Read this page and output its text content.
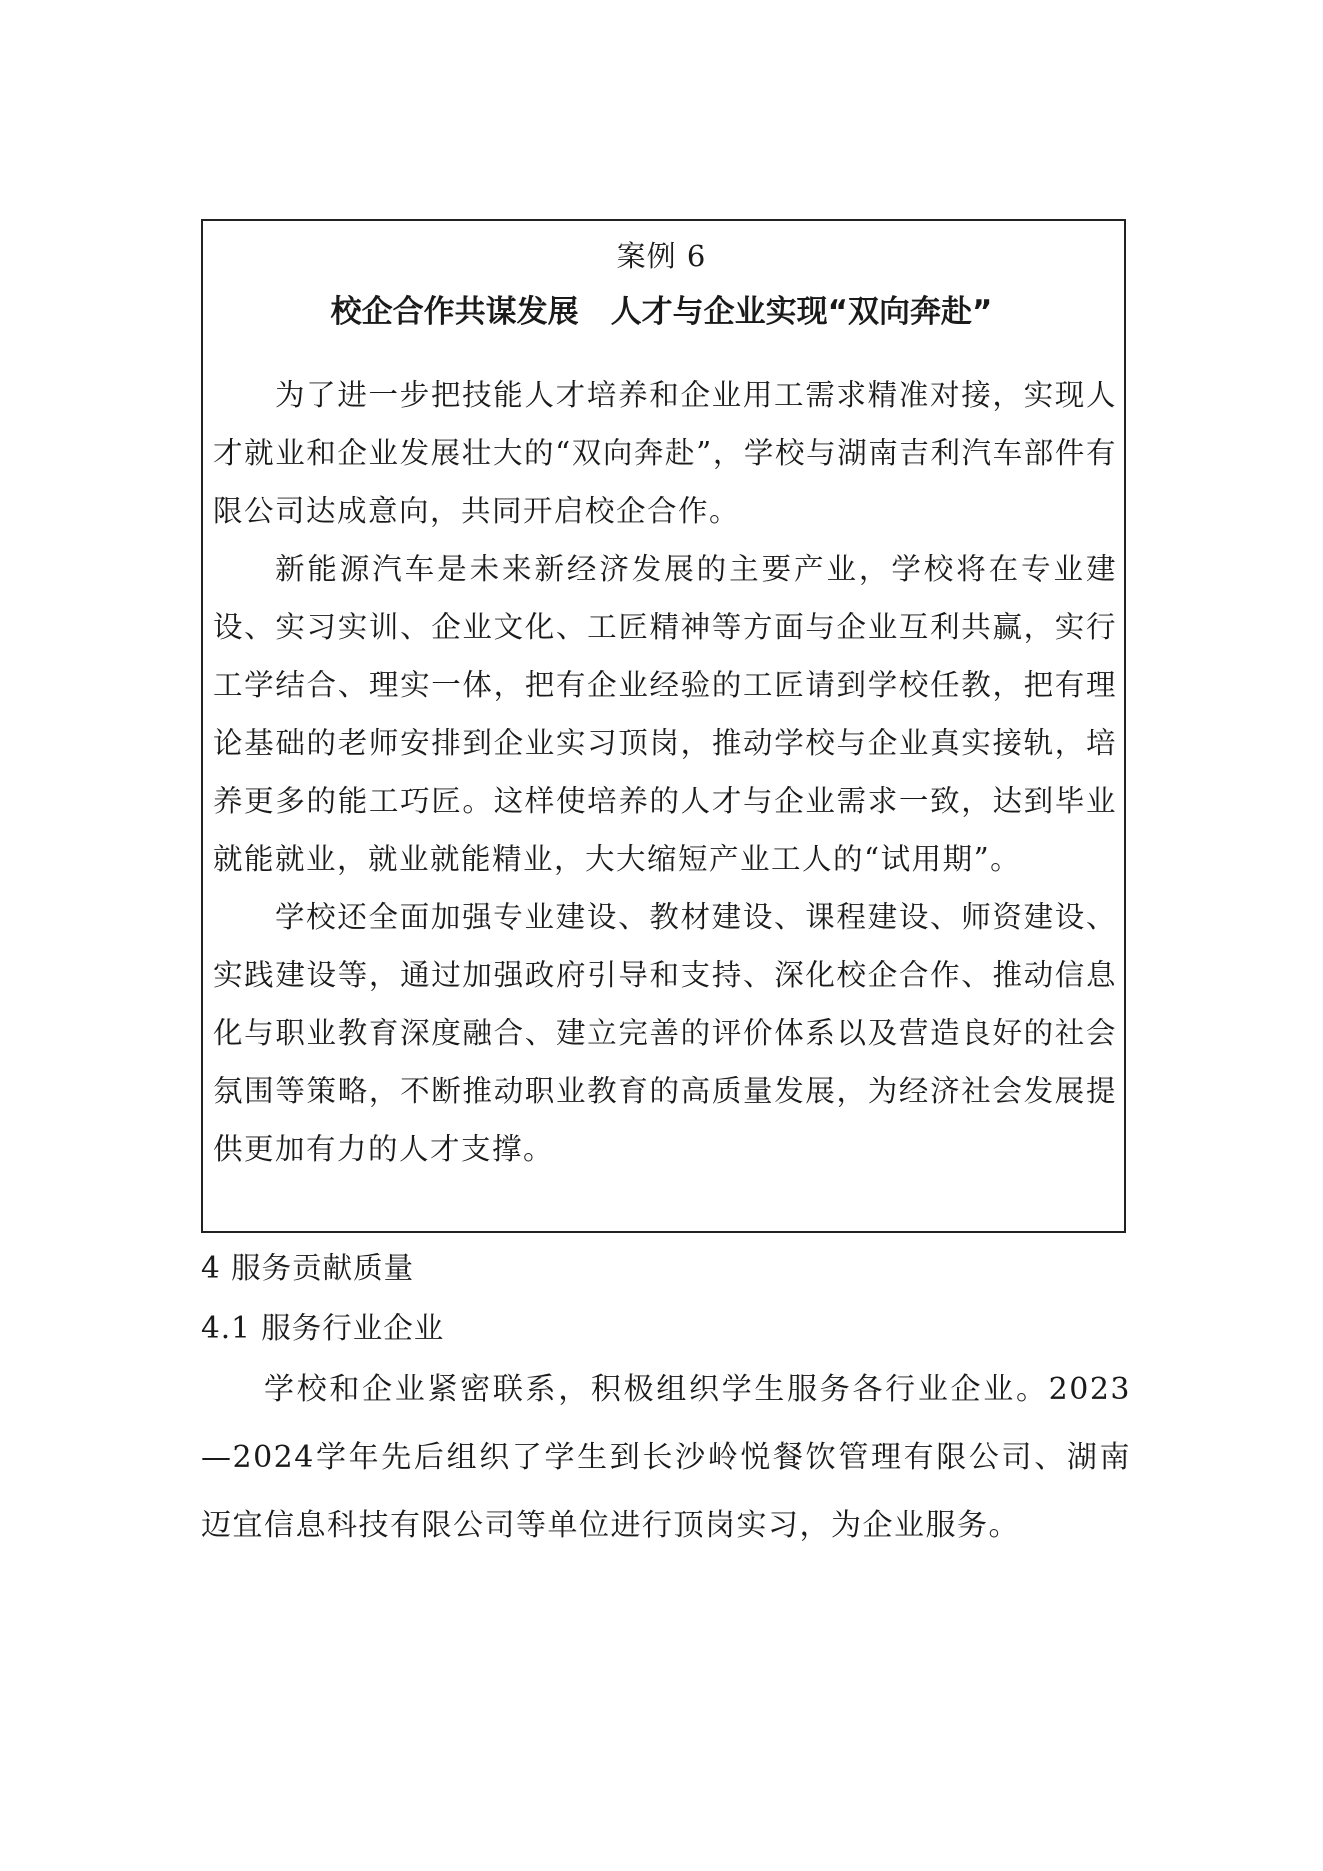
案例 6
校企合作共谋发展 人才与企业实现“双向奔赴”

为了进一步把技能人才培养和企业用工需求精准对接，实现人才就业和企业发展壮大的“双向奔赴”，学校与湖南吉利汽车部件有限公司达成意向，共同开启校企合作。

新能源汽车是未来新经济发展的主要产业，学校将在专业建设、实习实训、企业文化、工匠精神等方面与企业互利共赢，实行工学结合、理实一体，把有企业经验的工匠请到学校任教，把有理论基础的老师安排到企业实习顶岗，推动学校与企业真实接轨，培养更多的能工巧匠。这样使培养的人才与企业需求一致，达到毕业就能就业，就业就能精业，大大缩短产业工人的“试用期”。

学校还全面加强专业建设、教材建设、课程建设、师资建设、实践建设等，通过加强政府引导和支持、深化校企合作、推动信息化与职业教育深度融合、建立完善的评价体系以及营造良好的社会氛围等策略，不断推动职业教育的高质量发展，为经济社会发展提供更加有力的人才支撑。

4 服务贡献质量
4.1 服务行业企业

学校和企业紧密联系，积极组织学生服务各行业企业。2023—2024学年先后组织了学生到长沙岭悦餐饮管理有限公司、湖南迈宜信息科技有限公司等单位进行顶岗实习，为企业服务。
